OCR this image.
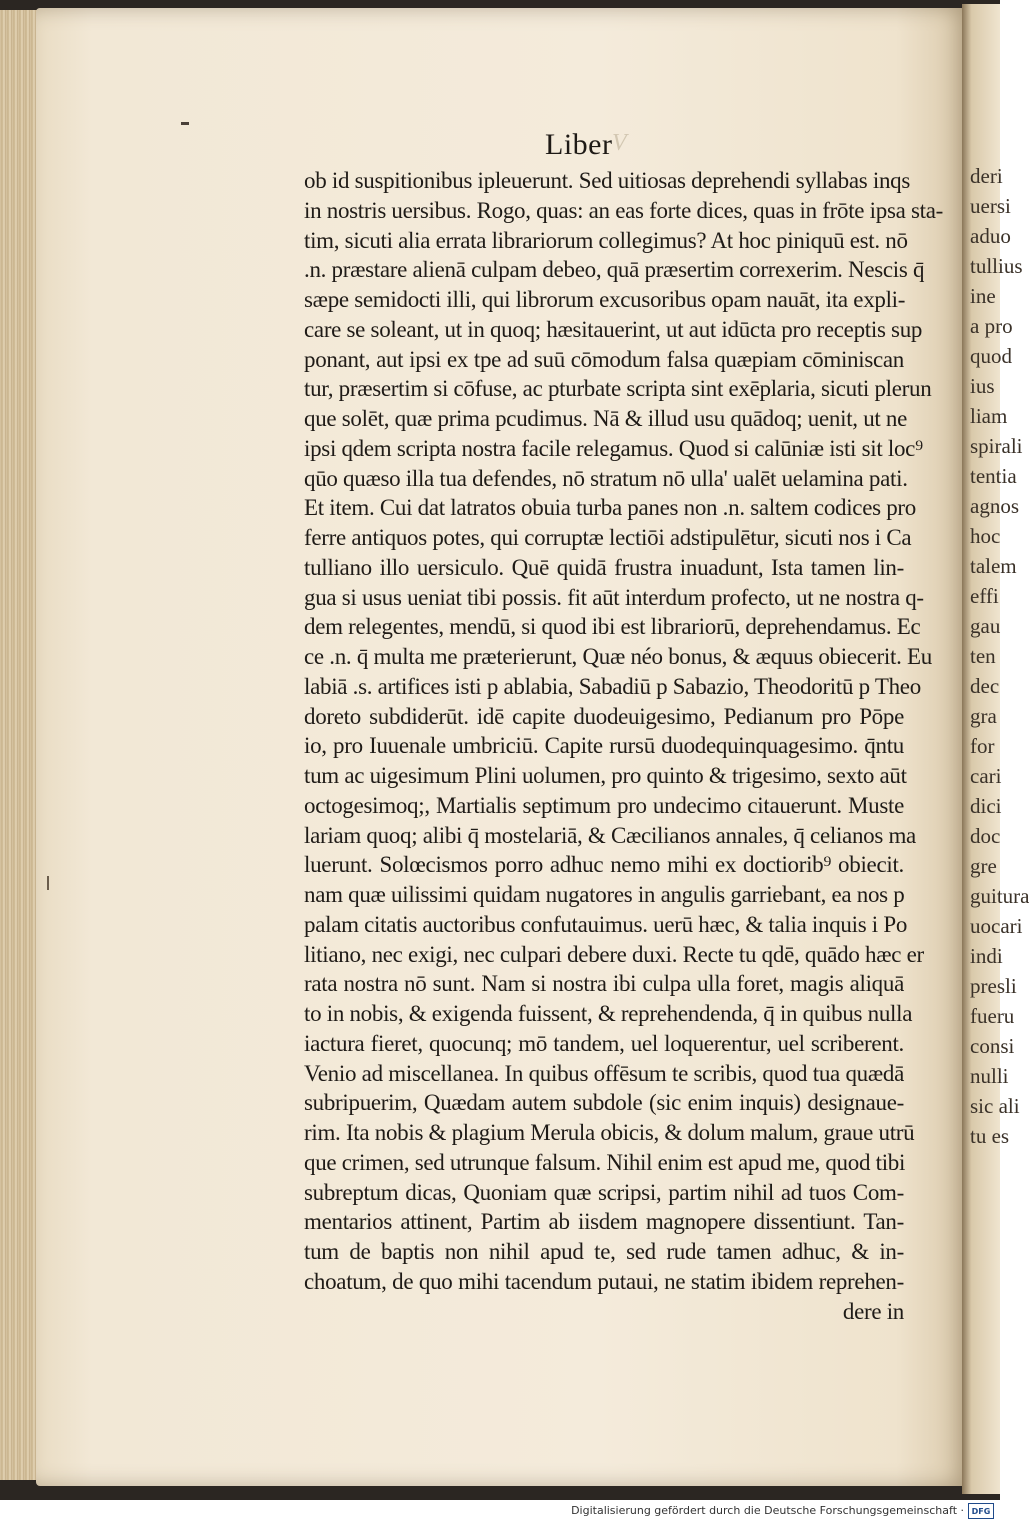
deri
uersi
aduo
tullius
ine
a pro
quod
ius
liam
spirali
tentia
agnos
hoc
talem
effi
gau
ten
dec
gra
for
cari
dici
doc
gre
guitura
uocari
indi
presli
fueru
consi
nulli
sic ali
tu es
V
Liber
ob id suspitionibus ipleuerunt. Sed uitiosas deprehendi syllabas inqs
in nostris uersibus. Rogo, quas: an eas forte dices, quas in frōte ipsa sta-
tim, sicuti alia errata librariorum collegimus? At hoc piniquū est. nō
.n. præstare alienā culpam debeo, quā præsertim correxerim. Nescis q̄
sæpe semidocti illi, qui librorum excusoribus opam nauāt, ita expli-
care se soleant, ut in quoq; hæsitauerint, ut aut idūcta pro receptis sup
ponant, aut ipsi ex tpe ad suū cōmodum falsa quæpiam cōminiscan
tur, præsertim si cōfuse, ac pturbate scripta sint exēplaria, sicuti plerun
que solēt, quæ prima pcudimus. Nā & illud usu quādoq; uenit, ut ne
ipsi qdem scripta nostra facile relegamus. Quod si calūniæ isti sit loc⁹
qūo quæso illa tua defendes, nō stratum nō ulla' ualēt uelamina pati.
Et item. Cui dat latratos obuia turba panes non .n. saltem codices pro
ferre antiquos potes, qui corruptæ lectiōi adstipulētur, sicuti nos i Ca
tulliano illo uersiculo. Quē quidā frustra inuadunt, Ista tamen lin-
gua si usus ueniat tibi possis. fit aūt interdum profecto, ut ne nostra q-
dem relegentes, mendū, si quod ibi est librariorū, deprehendamus. Ec
ce .n. q̄ multa me præterierunt, Quæ néo bonus, & æquus obiecerit. Eu
labiā .s. artifices isti p ablabia, Sabadiū p Sabazio, Theodoritū p Theo
doreto subdiderūt. idē capite duodeuigesimo, Pedianum pro Pōpe
io, pro Iuuenale umbriciū. Capite rursū duodequinquagesimo. q̄ntu
tum ac uigesimum Plini uolumen, pro quinto & trigesimo, sexto aūt
octogesimoq;, Martialis septimum pro undecimo citauerunt. Muste
lariam quoq; alibi q̄ mostelariā, & Cæcilianos annales, q̄ celianos ma
luerunt. Solœcismos porro adhuc nemo mihi ex doctiorib⁹ obiecit.
nam quæ uilissimi quidam nugatores in angulis garriebant, ea nos p
palam citatis auctoribus confutauimus. uerū hæc, & talia inquis i Po
litiano, nec exigi, nec culpari debere duxi. Recte tu qdē, quādo hæc er
rata nostra nō sunt. Nam si nostra ibi culpa ulla foret, magis aliquā
to in nobis, & exigenda fuissent, & reprehendenda, q̄ in quibus nulla
iactura fieret, quocunq; mō tandem, uel loquerentur, uel scriberent.
Venio ad miscellanea. In quibus offēsum te scribis, quod tua quædā
subripuerim, Quædam autem subdole (sic enim inquis) designaue-
rim. Ita nobis & plagium Merula obicis, & dolum malum, graue utrū
que crimen, sed utrunque falsum. Nihil enim est apud me, quod tibi
subreptum dicas, Quoniam quæ scripsi, partim nihil ad tuos Com-
mentarios attinent, Partim ab iisdem magnopere dissentiunt. Tan-
tum de baptis non nihil apud te, sed rude tamen adhuc, & in-
choatum, de quo mihi tacendum putaui, ne statim ibidem reprehen-
dere in
Digitalisierung gefördert durch die Deutsche Forschungsgemeinschaft · DFG
